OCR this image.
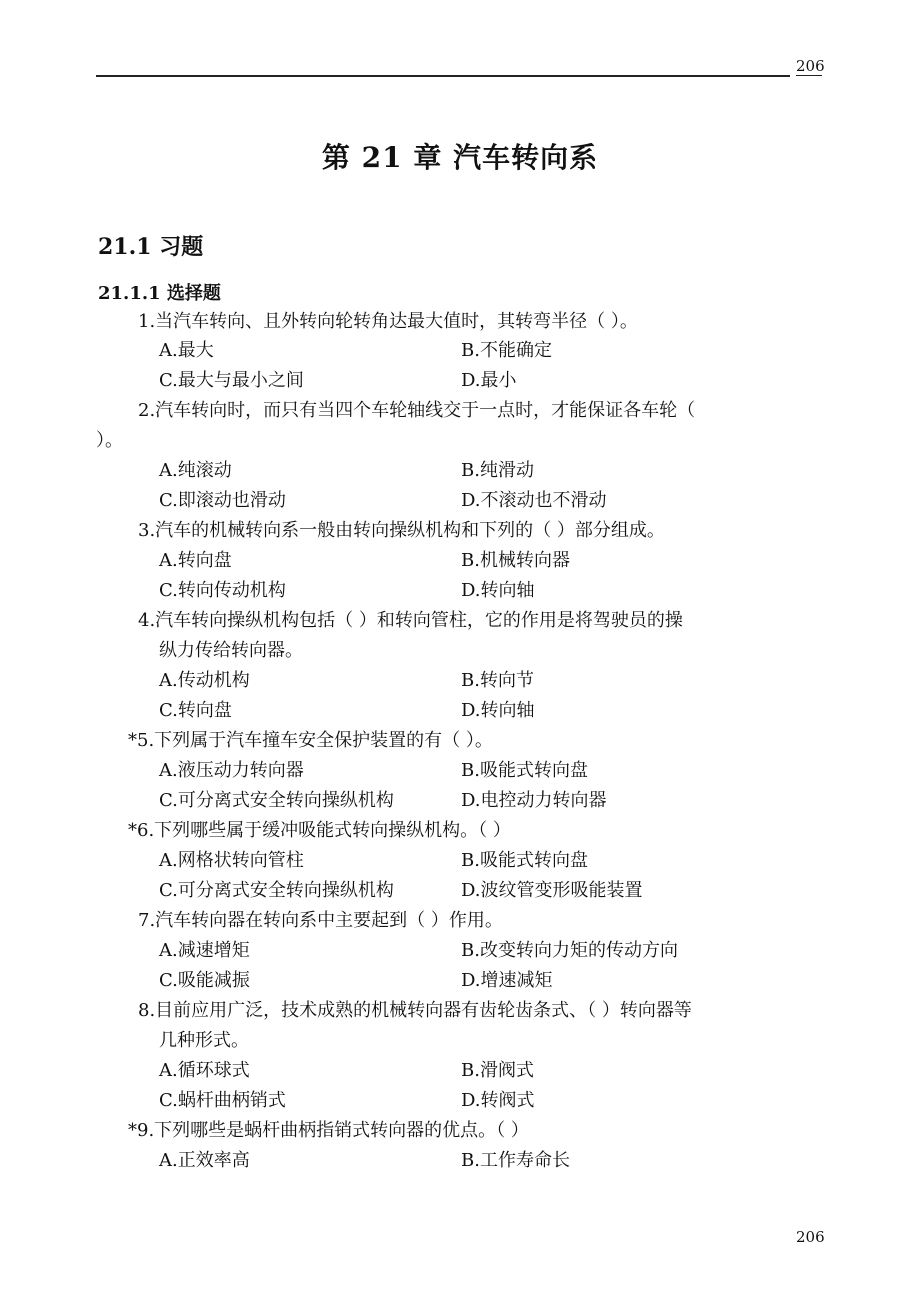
206
第 21 章 汽车转向系
21.1 习题
21.1.1 选择题
1.当汽车转向、且外转向轮转角达最大值时，其转弯半径（ ）。
A.最大	B.不能确定
C.最大与最小之间	D.最小
2.汽车转向时，而只有当四个车轮轴线交于一点时，才能保证各车轮（
）。
A.纯滚动	B.纯滑动
C.即滚动也滑动	D.不滚动也不滑动
3.汽车的机械转向系一般由转向操纵机构和下列的（ ）部分组成。
A.转向盘	B.机械转向器
C.转向传动机构	D.转向轴
4.汽车转向操纵机构包括（ ）和转向管柱，它的作用是将驾驶员的操
纵力传给转向器。
A.传动机构	B.转向节
C.转向盘	D.转向轴
*5.下列属于汽车撞车安全保护装置的有（ ）。
A.液压动力转向器	B.吸能式转向盘
C.可分离式安全转向操纵机构	D.电控动力转向器
*6.下列哪些属于缓冲吸能式转向操纵机构。（ ）
A.网格状转向管柱	B.吸能式转向盘
C.可分离式安全转向操纵机构	D.波纹管变形吸能装置
7.汽车转向器在转向系中主要起到（ ）作用。
A.减速增矩	B.改变转向力矩的传动方向
C.吸能减振	D.增速减矩
8.目前应用广泛，技术成熟的机械转向器有齿轮齿条式、（ ）转向器等
几种形式。
A.循环球式	B.滑阀式
C.蜗杆曲柄销式	D.转阀式
*9.下列哪些是蜗杆曲柄指销式转向器的优点。（ ）
A.正效率高	B.工作寿命长
206
